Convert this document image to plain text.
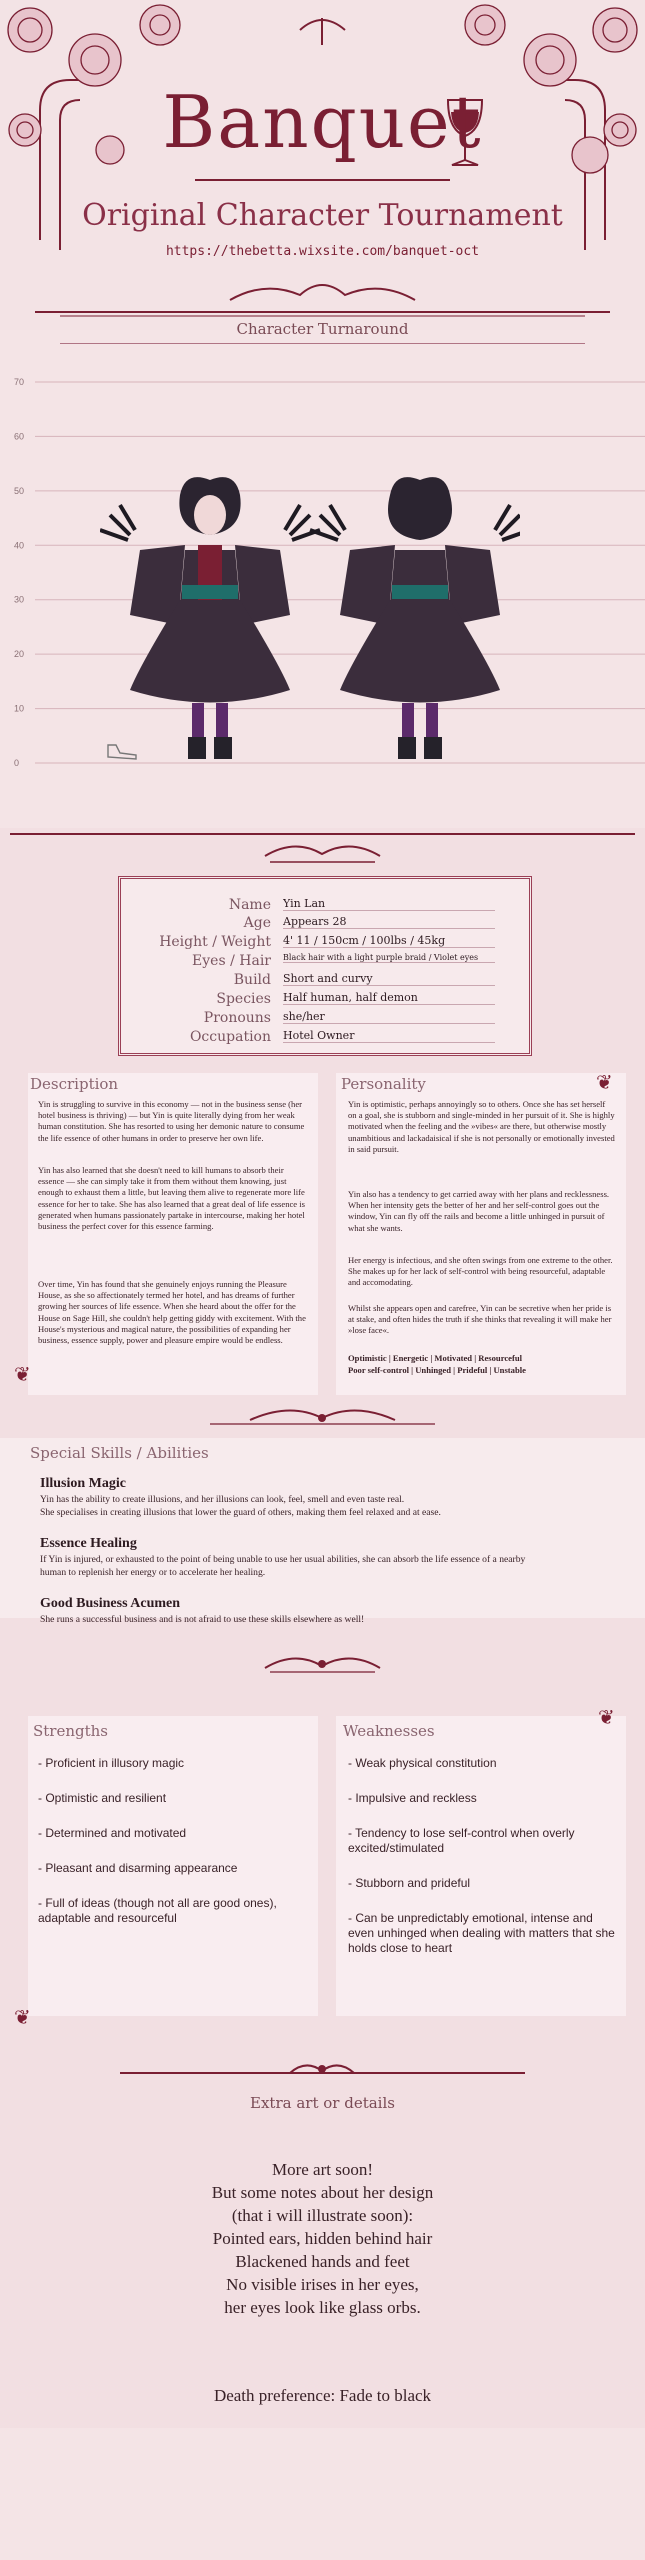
Banquet
Original Character Tournament
https://thebetta.wixsite.com/banquet-oct
Character Turnaround
0
10
20
30
40
50
60
70
Name Yin Lan
Age Appears 28
Height / Weight 4' 11 / 150cm / 100lbs / 45kg
Eyes / Hair Black hair with a light purple braid / Violet eyes
Build Short and curvy
Species Half human, half demon
Pronouns she/her
Occupation Hotel Owner
Description
Yin is struggling to survive in this economy — not in the business sense (her hotel business is thriving) — but Yin is quite literally dying from her weak human constitution. She has resorted to using her demonic nature to consume the life essence of other humans in order to preserve her own life.
Yin has also learned that she doesn't need to kill humans to absorb their essence — she can simply take it from them without them knowing, just enough to exhaust them a little, but leaving them alive to regenerate more life essence for her to take. She has also learned that a great deal of life essence is generated when humans passionately partake in intercourse, making her hotel business the perfect cover for this essence farming.
Over time, Yin has found that she genuinely enjoys running the Pleasure House, as she so affectionately termed her hotel, and has dreams of further growing her sources of life essence. When she heard about the offer for the House on Sage Hill, she couldn't help getting giddy with excitement. With the House's mysterious and magical nature, the possibilities of expanding her business, essence supply, power and pleasure empire would be endless.
❦
Personality
Yin is optimistic, perhaps annoyingly so to others. Once she has set herself on a goal, she is stubborn and single-minded in her pursuit of it. She is highly motivated when the feeling and the »vibes« are there, but otherwise mostly unambitious and lackadaisical if she is not personally or emotionally invested in said pursuit.
Yin also has a tendency to get carried away with her plans and recklessness. When her intensity gets the better of her and her self-control goes out the window, Yin can fly off the rails and become a little unhinged in pursuit of what she wants.
Her energy is infectious, and she often swings from one extreme to the other. She makes up for her lack of self-control with being resourceful, adaptable and accomodating.
Whilst she appears open and carefree, Yin can be secretive when her pride is at stake, and often hides the truth if she thinks that revealing it will make her »lose face«.
Optimistic | Energetic | Motivated | Resourceful
Poor self-control | Unhinged | Prideful | Unstable
❦
Special Skills / Abilities
Illusion Magic
Yin has the ability to create illusions, and her illusions can look, feel, smell and even taste real.
She specialises in creating illusions that lower the guard of others, making them feel relaxed and at ease.
Essence Healing
If Yin is injured, or exhausted to the point of being unable to use her usual abilities, she can absorb the life essence of a nearby
human to replenish her energy or to accelerate her healing.
Good Business Acumen
She runs a successful business and is not afraid to use these skills elsewhere as well!
Strengths
- Proficient in illusory magic
- Optimistic and resilient
- Determined and motivated
- Pleasant and disarming appearance
- Full of ideas (though not all are good ones), adaptable and resourceful
❦
Weaknesses
- Weak physical constitution
- Impulsive and reckless
- Tendency to lose self-control when overly excited/stimulated
- Stubborn and prideful
- Can be unpredictably emotional, intense and even unhinged when dealing with matters that she holds close to heart
❦
Extra art or details
More art soon!
But some notes about her design
(that i will illustrate soon):
Pointed ears, hidden behind hair
Blackened hands and feet
No visible irises in her eyes,
her eyes look like glass orbs.
Death preference: Fade to black
